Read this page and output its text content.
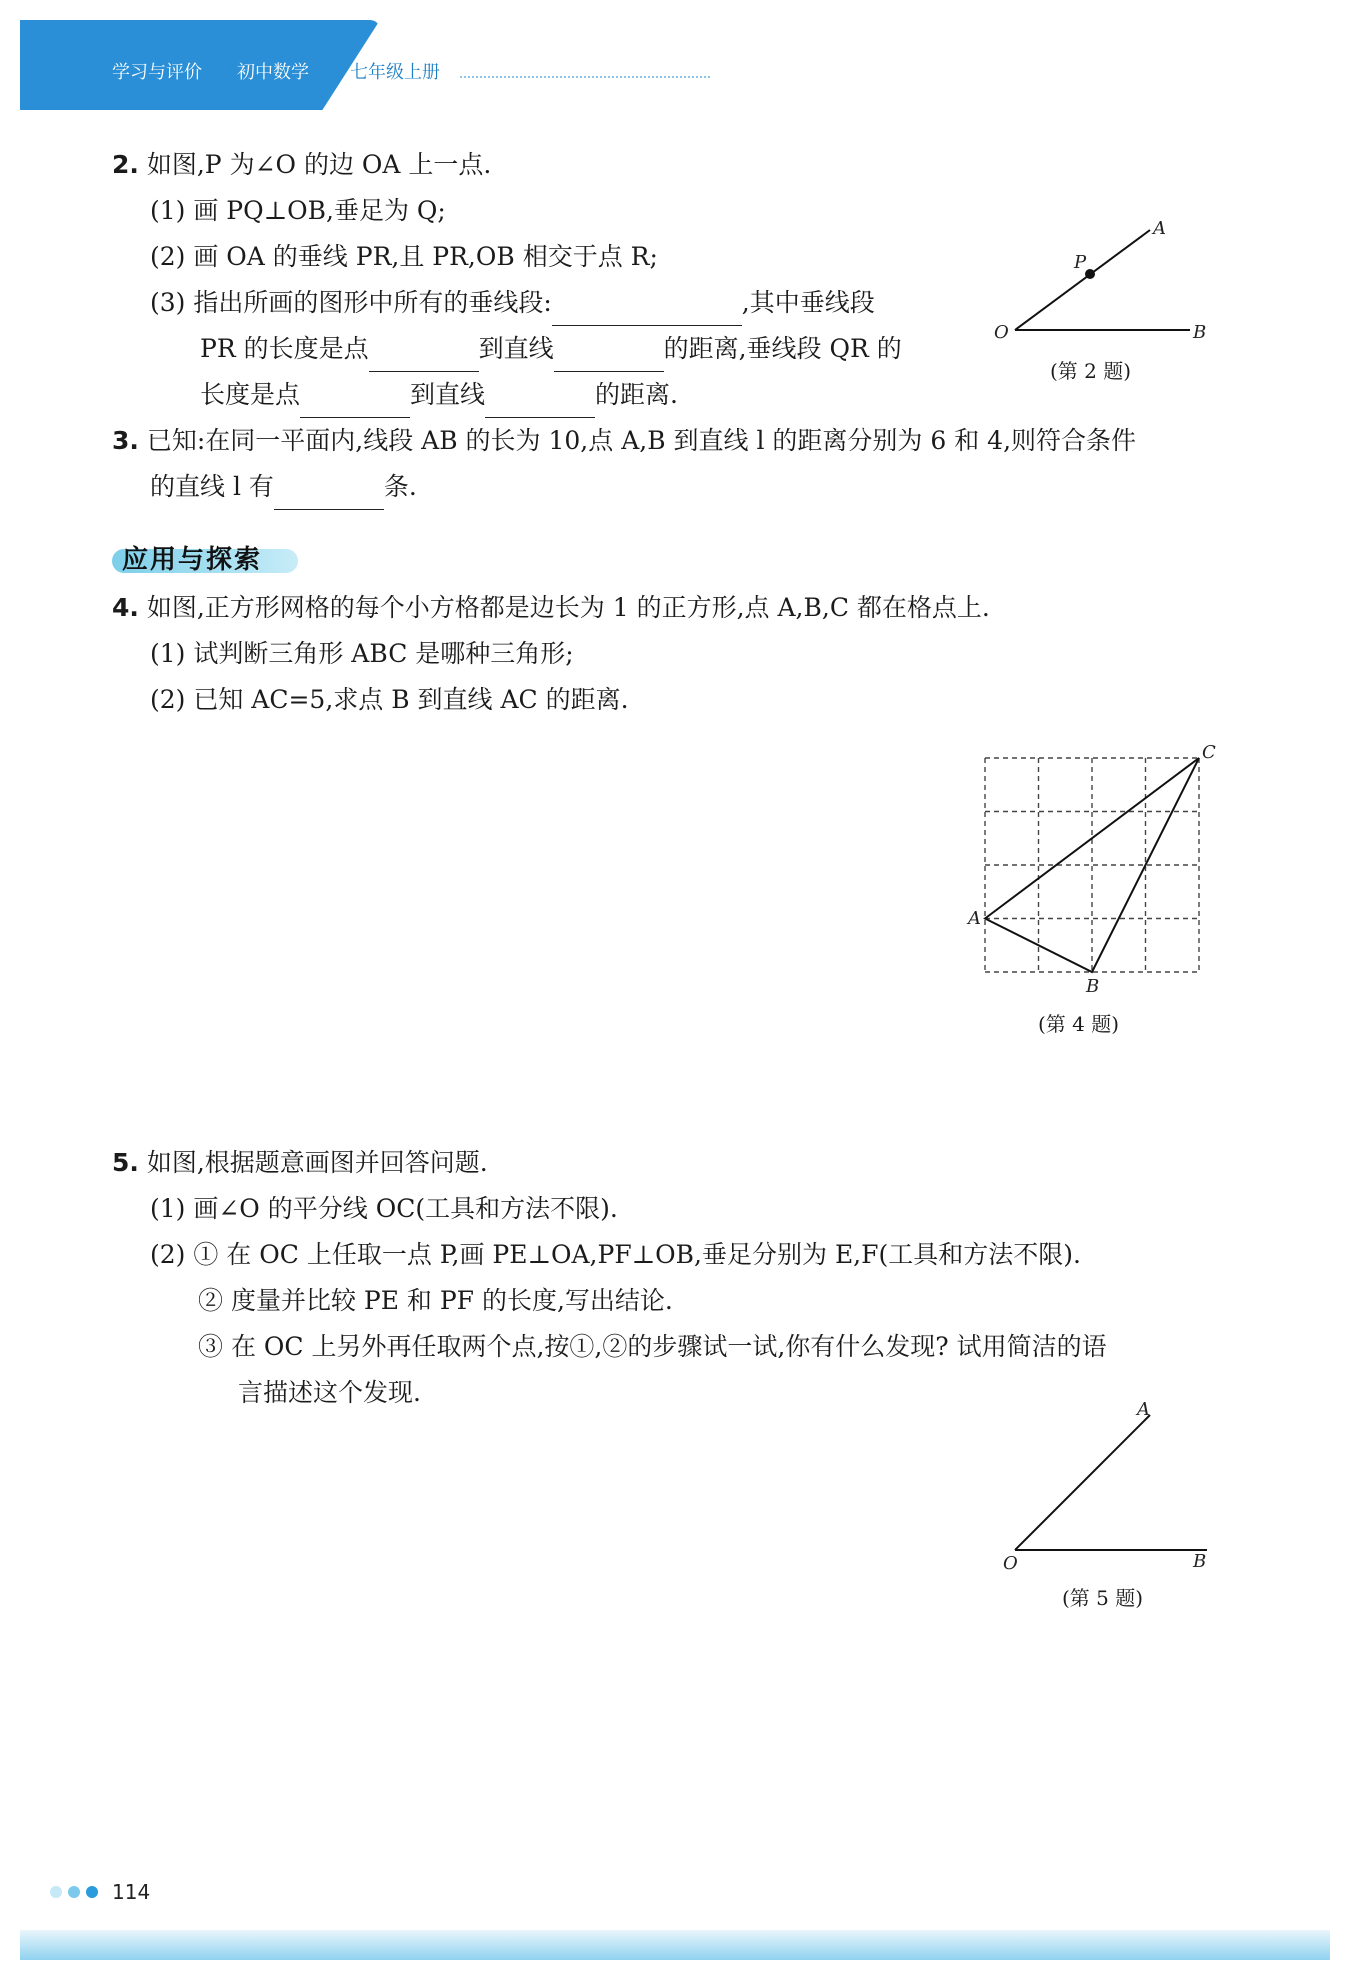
学习与评价 初中数学 七年级上册
2. 如图,P 为∠O 的边 OA 上一点.
(1) 画 PQ⊥OB,垂足为 Q;
(2) 画 OA 的垂线 PR,且 PR,OB 相交于点 R;
(3) 指出所画的图形中所有的垂线段:	,其中垂线段
PR 的长度是点	到直线	的距离,垂线段 QR 的
长度是点	到直线	的距离.
A
P
O	B
(第 2 题)
3. 已知:在同一平面内,线段 AB 的长为 10,点 A,B 到直线 l 的距离分别为 6 和 4,则符合条件
的直线 l 有	条.
应用与探索
4. 如图,正方形网格的每个小方格都是边长为 1 的正方形,点 A,B,C 都在格点上.
(1) 试判断三角形 ABC 是哪种三角形;
(2) 已知 AC=5,求点 B 到直线 AC 的距离.
A
B
C
(第 4 题)
5. 如图,根据题意画图并回答问题.
(1) 画∠O 的平分线 OC(工具和方法不限).
(2) ① 在 OC 上任取一点 P,画 PE⊥OA,PF⊥OB,垂足分别为 E,F(工具和方法不限).
② 度量并比较 PE 和 PF 的长度,写出结论.
③ 在 OC 上另外再任取两个点,按①,②的步骤试一试,你有什么发现? 试用简洁的语
言描述这个发现.
A
O	B
(第 5 题)
114
